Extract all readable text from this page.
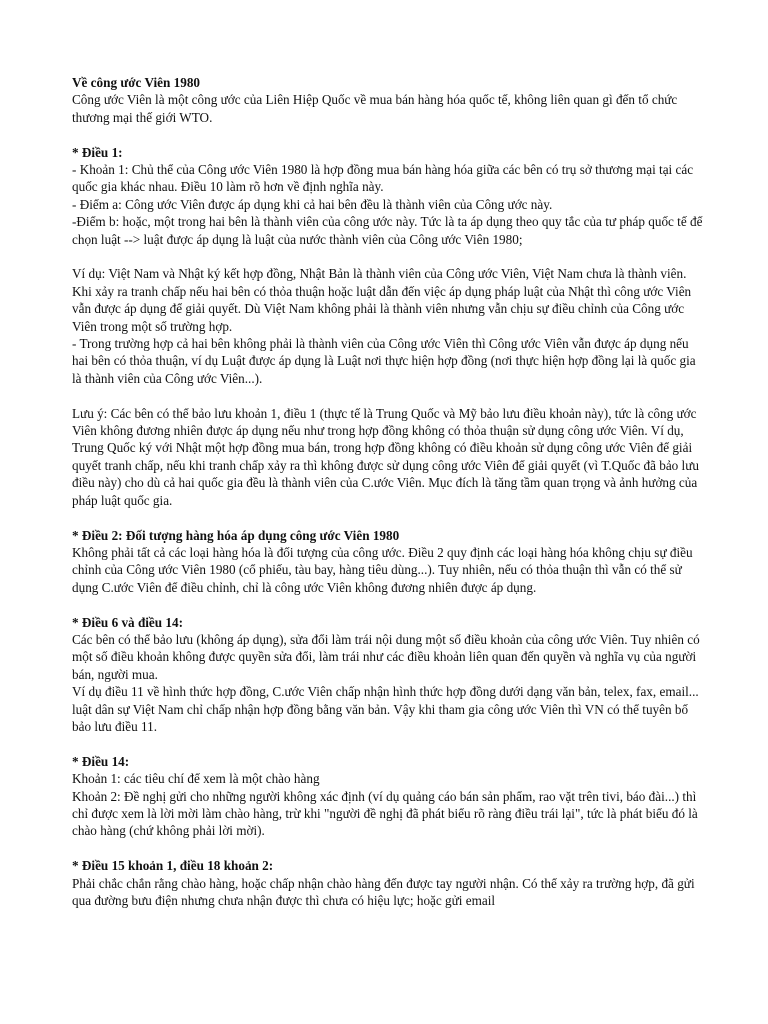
Về công ước Viên 1980

Công ước Viên là một công ước của Liên Hiệp Quốc về mua bán hàng hóa quốc tế, không liên quan gì đến tổ chức thương mại thế giới WTO.

* Điều 1:

- Khoản 1: Chủ thể của Công ước Viên 1980 là hợp đồng mua bán hàng hóa giữa các bên có trụ sở thương mại tại các quốc gia khác nhau. Điều 10 làm rõ hơn về định nghĩa này.

- Điểm a: Công ước Viên được áp dụng khi cả hai bên đều là thành viên của Công ước này.

-Điểm b: hoặc, một trong hai bên là thành viên của công ước này. Tức là ta áp dụng theo quy tắc của tư pháp quốc tế để chọn luật --> luật được áp dụng là luật của nước thành viên của Công ước Viên 1980;

Ví dụ: Việt Nam và Nhật ký kết hợp đồng, Nhật Bản là thành viên của Công ước Viên, Việt Nam chưa là thành viên. Khi xảy ra tranh chấp nếu hai bên có thỏa thuận hoặc luật dẫn đến việc áp dụng pháp luật của Nhật thì công ước Viên vẫn được áp dụng để giải quyết. Dù Việt Nam không phải là thành viên nhưng vẫn chịu sự điều chỉnh của Công ước Viên trong một số trường hợp.

- Trong trường hợp cả hai bên không phải là thành viên của Công ước Viên thì Công ước Viên vẫn được áp dụng nếu hai bên có thỏa thuận, ví dụ Luật được áp dụng là Luật nơi thực hiện hợp đồng (nơi thực hiện hợp đồng lại là quốc gia là thành viên của Công ước Viên...).

Lưu ý: Các bên có thể bảo lưu khoản 1, điều 1 (thực tế là Trung Quốc và Mỹ bảo lưu điều khoản này), tức là công ước Viên không đương nhiên được áp dụng nếu như trong hợp đồng không có thỏa thuận sử dụng công ước Viên. Ví dụ, Trung Quốc ký với Nhật một hợp đồng mua bán, trong hợp đồng không có điều khoản sử dụng công ước Viên để giải quyết tranh chấp, nếu khi tranh chấp xảy ra thì không được sử dụng công ước Viên để giải quyết (vì T.Quốc đã bảo lưu điều này) cho dù cả hai quốc gia đều là thành viên của C.ước Viên. Mục đích là tăng tầm quan trọng và ảnh hưởng của pháp luật quốc gia.

* Điều 2: Đối tượng hàng hóa áp dụng công ước Viên 1980

Không phải tất cả các loại hàng hóa là đối tượng của công ước. Điều 2 quy định các loại hàng hóa không chịu sự điều chỉnh của Công ước Viên 1980 (cổ phiếu, tàu bay, hàng tiêu dùng...). Tuy nhiên, nếu có thỏa thuận thì vẫn có thể sử dụng C.ước Viên để điều chỉnh, chỉ là công ước Viên không đương nhiên được áp dụng.

* Điều 6 và điều 14:

Các bên có thể bảo lưu (không áp dụng), sửa đổi làm trái nội dung một số điều khoản của công ước Viên. Tuy nhiên có một số điều khoản không được quyền sửa đổi, làm trái như các điều khoản liên quan đến quyền và nghĩa vụ của người bán, người mua.

Ví dụ điều 11 về hình thức hợp đồng, C.ước Viên chấp nhận hình thức hợp đồng dưới dạng văn bản, telex, fax, email... luật dân sự Việt Nam chỉ chấp nhận hợp đồng bằng văn bản. Vậy khi tham gia công ước Viên thì VN có thể tuyên bố bảo lưu điều 11.

* Điều 14:

Khoản 1: các tiêu chí để xem là một chào hàng

Khoản 2: Đề nghị gửi cho những người không xác định (ví dụ quảng cáo bán sản phẩm, rao vặt trên tivi, báo đài...) thì chỉ được xem là lời mời làm chào hàng, trừ khi "người đề nghị đã phát biểu rõ ràng điều trái lại", tức là phát biểu đó là chào hàng (chứ không phải lời mời).

* Điều 15 khoản 1, điều 18 khoản 2:

Phải chắc chắn rằng chào hàng, hoặc chấp nhận chào hàng đến được tay người nhận. Có thể xảy ra trường hợp, đã gửi qua đường bưu điện nhưng chưa nhận được thì chưa có hiệu lực; hoặc gửi email
